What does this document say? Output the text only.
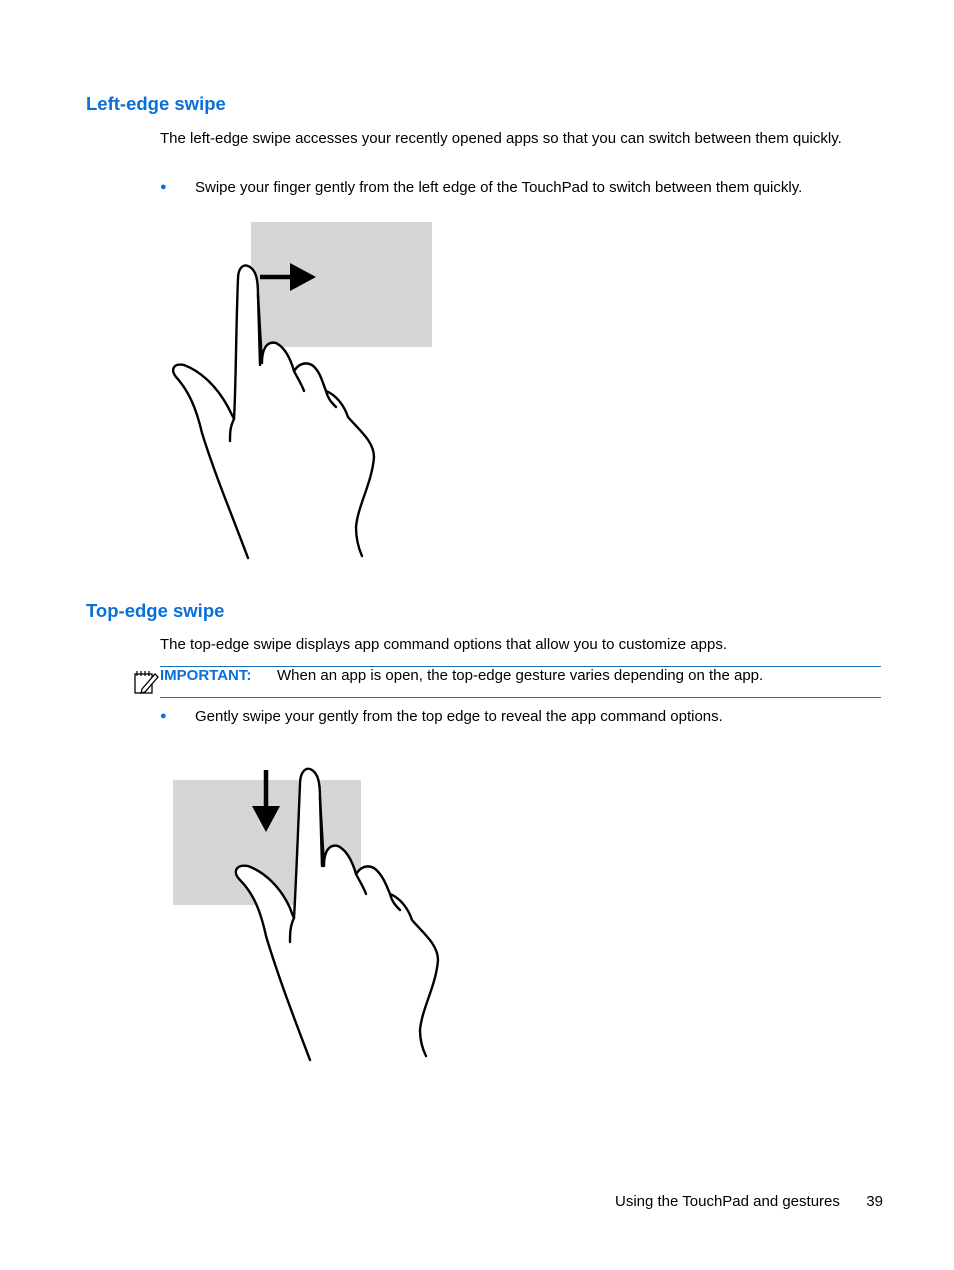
Left-edge swipe

The left-edge swipe accesses your recently opened apps so that you can switch between them quickly.

● Swipe your finger gently from the left edge of the TouchPad to switch between them quickly.
Top-edge swipe

The top-edge swipe displays app command options that allow you to customize apps.

IMPORTANT: When an app is open, the top-edge gesture varies depending on the app.
● Gently swipe your gently from the top edge to reveal the app command options.
Using the TouchPad and gestures 39
